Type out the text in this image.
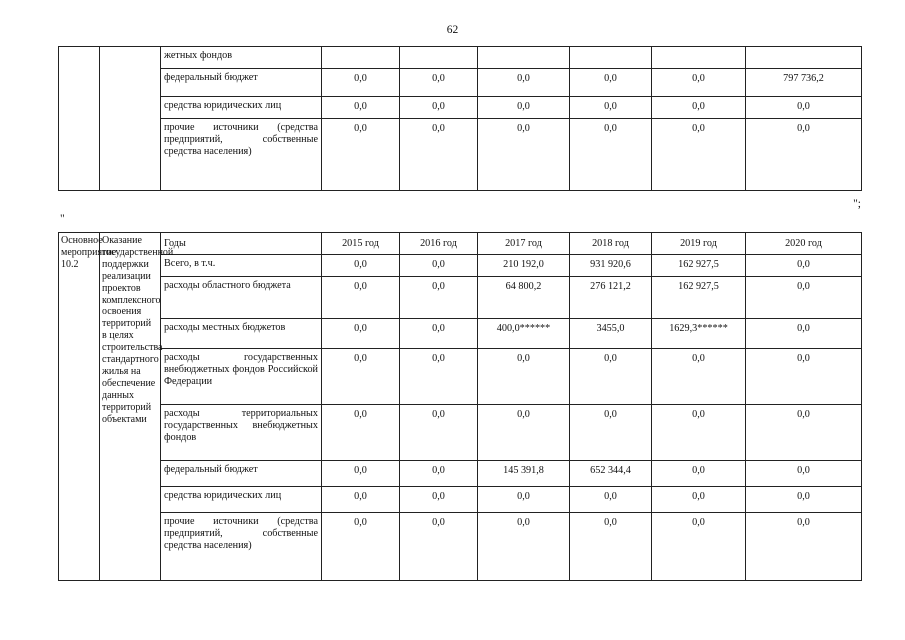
62
		жетных фондов						
		федеральный бюджет	0,0	0,0	0,0	0,0	0,0	797 736,2
		средства юридических лиц	0,0	0,0	0,0	0,0	0,0	0,0
		прочие источники (средства предприятий, собственные средства населения)	0,0	0,0	0,0	0,0	0,0	0,0
";
"
Основное мероприятие 10.2	Оказание государственной поддержки реализации проектов комплексного освоения территорий в целях строительства стандартного жилья на обеспечение данных территорий объектами	Годы	2015 год	2016 год	2017 год	2018 год	2019 год	2020 год
		Всего, в т.ч.	0,0	0,0	210 192,0	931 920,6	162 927,5	0,0
		расходы областного бюджета	0,0	0,0	64 800,2	276 121,2	162 927,5	0,0
		расходы местных бюджетов	0,0	0,0	400,0******	3455,0	1629,3******	0,0
		расходы государственных внебюджетных фондов Российской Федерации	0,0	0,0	0,0	0,0	0,0	0,0
		расходы территориальных государственных внебюджетных фондов	0,0	0,0	0,0	0,0	0,0	0,0
		федеральный бюджет	0,0	0,0	145 391,8	652 344,4	0,0	0,0
		средства юридических лиц	0,0	0,0	0,0	0,0	0,0	0,0
		прочие источники (средства предприятий, собственные средства населения)	0,0	0,0	0,0	0,0	0,0	0,0
